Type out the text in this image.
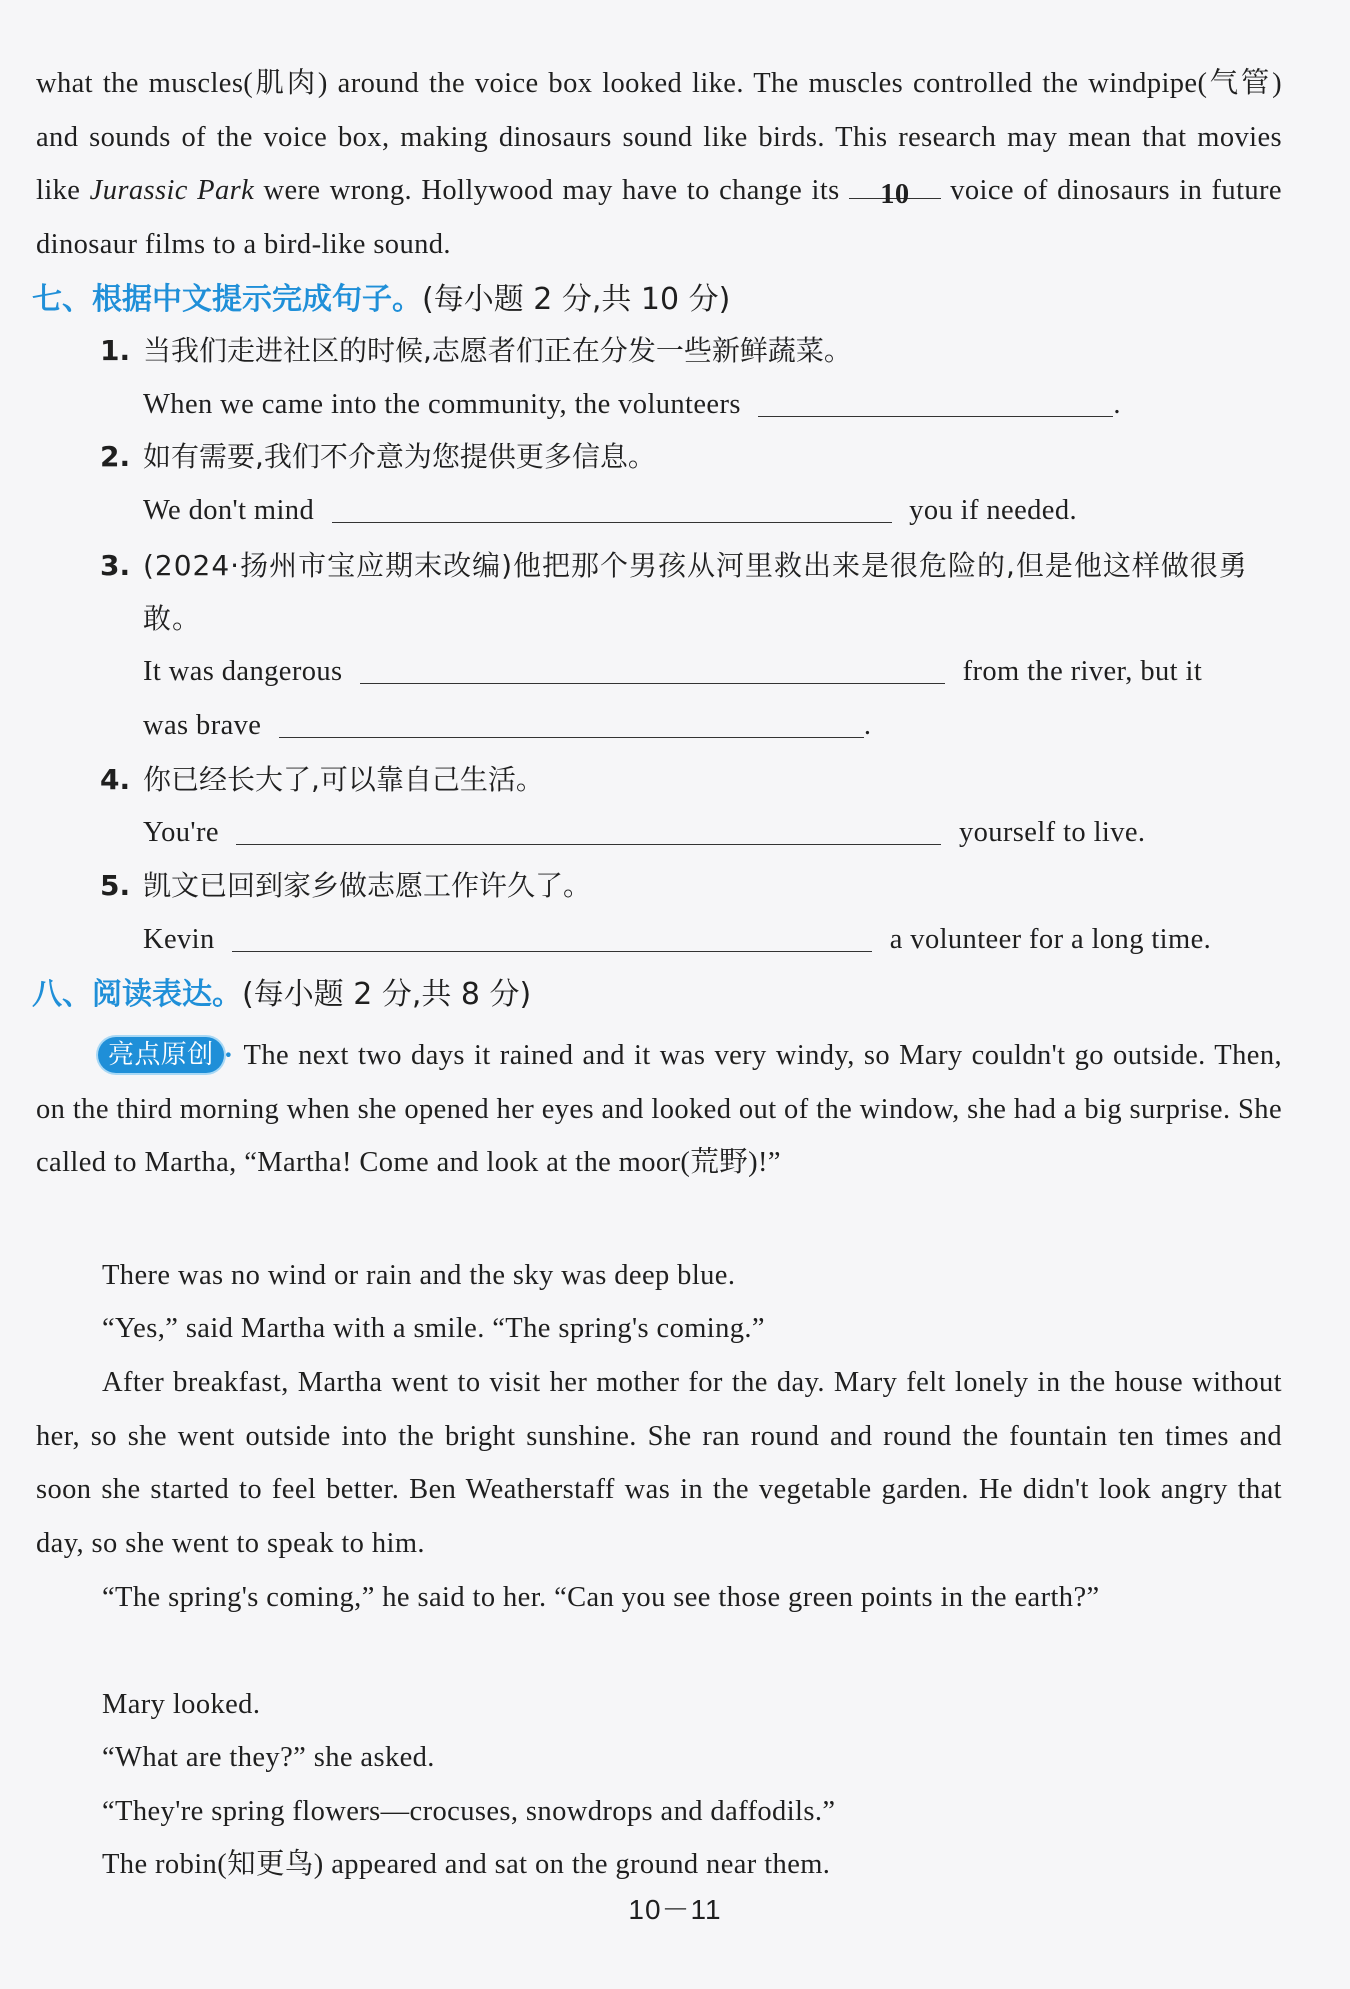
what the muscles(肌肉) around the voice box looked like. The muscles controlled the windpipe(气管) and sounds of the voice box, making dinosaurs sound like birds. This research may mean that movies like Jurassic Park were wrong. Hollywood may have to change its 10 voice of dinosaurs in future dinosaur films to a bird-like sound.

七、根据中文提示完成句子。(每小题 2 分,共 10 分)
1. 当我们走进社区的时候,志愿者们正在分发一些新鲜蔬菜。
When we came into the community, the volunteers	.
2. 如有需要,我们不介意为您提供更多信息。
We don't mind	you if needed.
3. (2024·扬州市宝应期末改编)他把那个男孩从河里救出来是很危险的,但是他这样做很勇敢。
It was dangerous	from the river, but it
was brave	.
4. 你已经长大了,可以靠自己生活。
You're	yourself to live.
5. 凯文已回到家乡做志愿工作许久了。
Kevin	a volunteer for a long time.
八、阅读表达。(每小题 2 分,共 8 分)

亮点原创 · The next two days it rained and it was very windy, so Mary couldn't go outside. Then, on the third morning when she opened her eyes and looked out of the window, she had a big surprise. She called to Martha, “Martha! Come and look at the moor(荒野)!”

There was no wind or rain and the sky was deep blue.

“Yes,” said Martha with a smile. “The spring's coming.”

After breakfast, Martha went to visit her mother for the day. Mary felt lonely in the house without her, so she went outside into the bright sunshine. She ran round and round the fountain ten times and soon she started to feel better. Ben Weatherstaff was in the vegetable garden. He didn't look angry that day, so she went to speak to him.

“The spring's coming,” he said to her. “Can you see those green points in the earth?”

Mary looked.

“What are they?” she asked.

“They're spring flowers—crocuses, snowdrops and daffodils.”

The robin(知更鸟) appeared and sat on the ground near them.

10－11
